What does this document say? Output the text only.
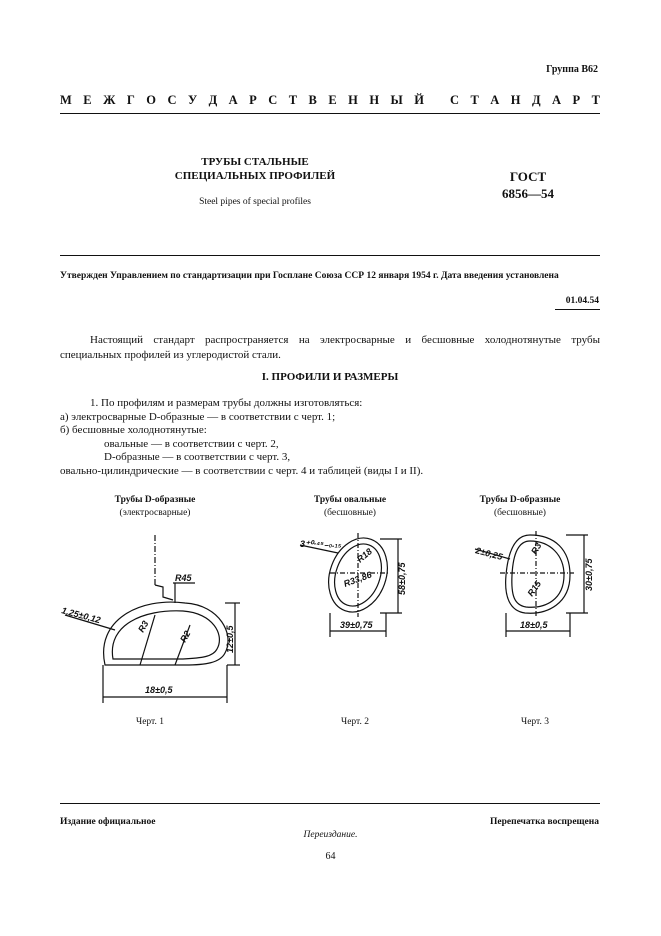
Группа В62
М Е Ж Г О С У Д А Р С Т В Е Н Н Ы Й
С Т А Н Д А Р Т
ТРУБЫ СТАЛЬНЫЕ
СПЕЦИАЛЬНЫХ ПРОФИЛЕЙ	ГОСТ
6856—54
Steel pipes of special profiles
Утвержден Управлением по стандартизации при Госплане Союза ССР 12 января 1954 г. Дата введения установлена
01.04.54
Настоящий стандарт распространяется на электросварные и бесшовные холоднотянутые трубы специальных профилей из углеродистой стали.
I. ПРОФИЛИ И РАЗМЕРЫ
1. По профилям и размерам трубы должны изготовляться:
а) электросварные D-образные — в соответствии с черт. 1;
б) бесшовные холоднотянутые:
овальные — в соответствии с черт. 2,
D-образные — в соответствии с черт. 3,
овально-цилиндрические — в соответствии с черт. 4 и таблицей (виды I и II).
Трубы D-образные
(электросварные)
R45
1,25±0,12
R3
R2	12±0,5
18±0,5
Черт. 1
Трубы овальные
(бесшовные)
3⁺⁰·⁴⁵₋₀.₁₅
R18
R33,86	58±0,75
39±0,75
Черт. 2
Трубы D-образные
(бесшовные)
2±0,25	R3
R15	30±0,75
18±0,5
Черт. 3
Издание официальное	Перепечатка воспрещена
Переиздание.
64
